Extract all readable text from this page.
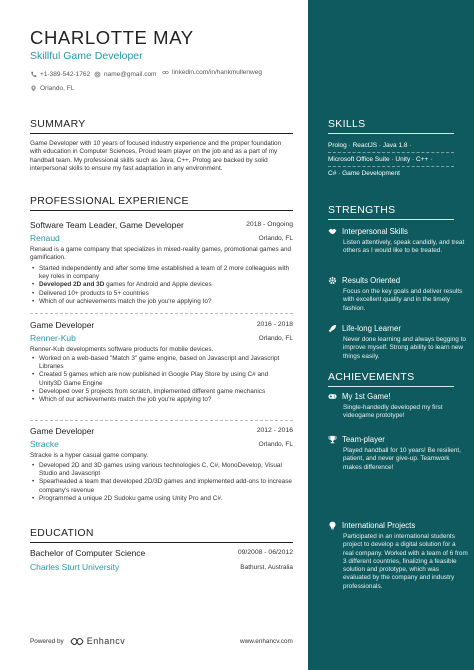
CHARLOTTE MAY
Skillful Game Developer
+1-389-542-1762 name@gmail.com linkedin.com/in/hankmullenweg
Orlando, FL
SUMMARY
Game Developer with 10 years of focused industry experience and the proper foundation with education in Computer Sciences, Proud team player on the job and as a part of my handball team. My professional skills such as Java, C++, Prolog are backed by solid interpersonal skills to ensure my fast adaptation in any environment.
PROFESSIONAL EXPERIENCE
Software Team Leader, Game Developer	2018 - Ongoing
Renaud	Orlando, FL
Renaud is a game company that specializes in mixed-reality games, promotional games and gamification.
• Started independently and after some time established a team of 2 more colleagues with key roles in company
• Developed 2D and 3D games for Android and Apple devices
• Delivered 10+ products to 5+ countries
• Which of our achievements match the job you're applying to?
Game Developer	2016 - 2018
Renner-Kub	Orlando, FL
Renner-Kub developments software products for mobile devices.
• Worked on a web-based "Match 3" game engine, based on Javascript and Javascript Libraries
• Created 5 games which are now published in Google Play Store by using C# and Unity3D Game Engine
• Developed over 5 projects from scratch, implemented different game mechanics
• Which of our achievements match the job you're applying to?
Game Developer	2012 - 2016
Stracke	Orlando, FL
Stracke is a hyper casual game company.
• Developed 2D and 3D games using various technologies C, C#, MonoDevelop, Visual Studio and Javascript
• Spearheaded a team that developed 2D/3D games and implemented add-ons to increase company's revenue
• Programmed a unique 2D Sudoku game using Unity Pro and C#.
EDUCATION
Bachelor of Computer Science	09/2008 - 06/2012
Charles Sturt University	Bathurst, Australia
Powered by	Enhancv	www.enhancv.com
SKILLS
Prolog · ReactJS · Java 1.8 ·
Microsoft Office Suite · Unity · C++ ·
C# · Game Development
STRENGTHS
Interpersonal Skills
Listen attentively, speak candidly, and treat others as I would like to be treated.
Results Oriented
Focus on the key goals and deliver results with excellent quality and in the timely fashion.
Life-long Learner
Never done learning and always begging to improve myself. Strong ability to learn new things easily.
ACHIEVEMENTS
My 1st Game!
Single-handedly developed my first videogame prototype!
Team-player
Played handball for 10 years! Be resilient, patient, and never give-up. Teamwork makes difference!
International Projects
Participated in an international students project to develop a digital solution for a real company. Worked with a team of 6 from 3 different countries, finalizing a feasible solution and prototype, which was evaluated by the company and industry professionals.
